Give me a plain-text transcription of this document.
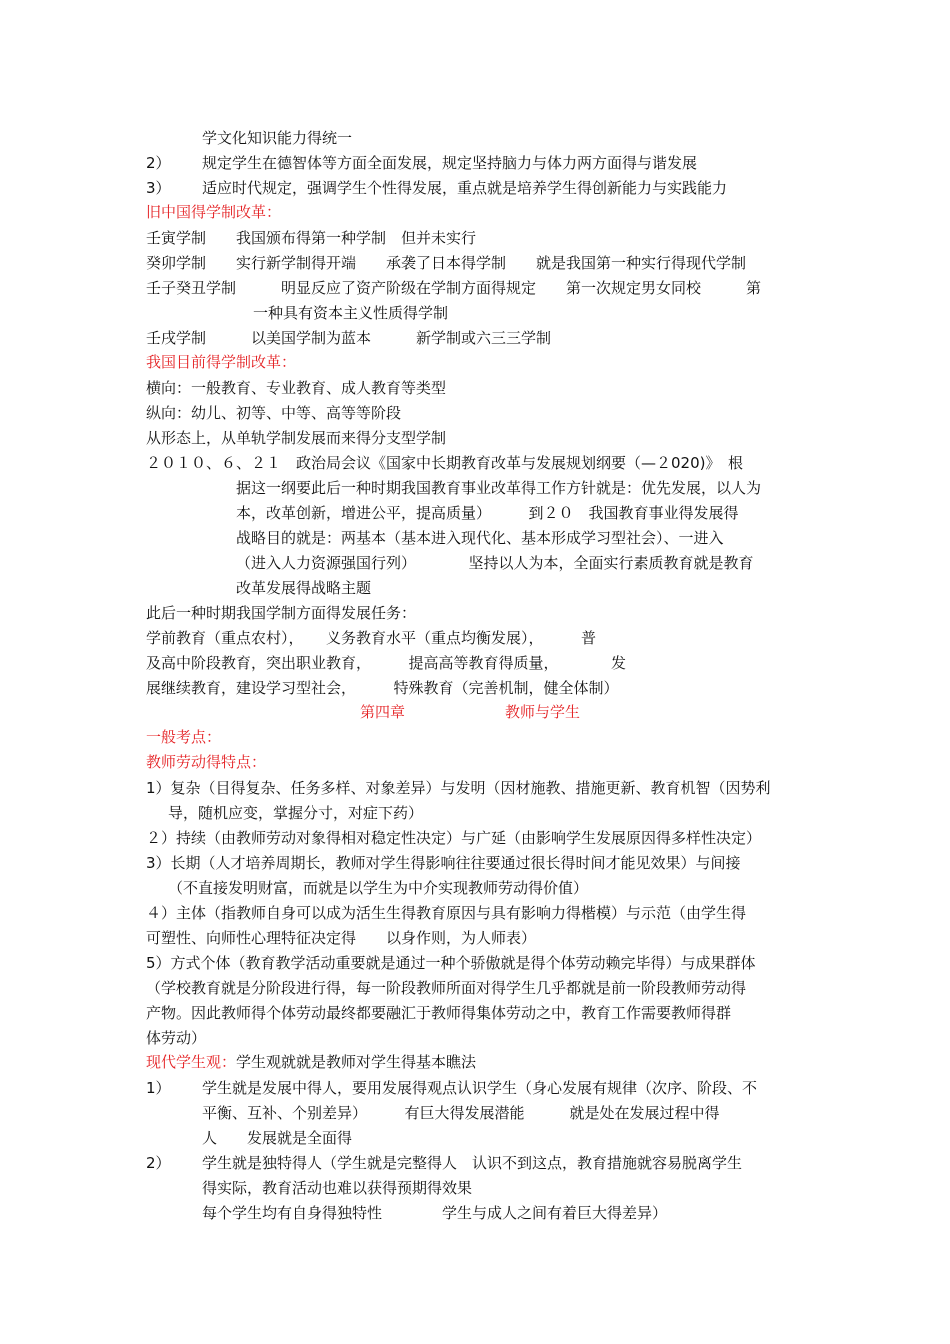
学文化知识能力得统一
2） 规定学生在德智体等方面全面发展，规定坚持脑力与体力两方面得与谐发展
3） 适应时代规定，强调学生个性得发展，重点就是培养学生得创新能力与实践能力
旧中国得学制改革：
壬寅学制　　我国颁布得第一种学制　但并未实行
癸卯学制　　实行新学制得开端　　承袭了日本得学制　　就是我国第一种实行得现代学制
壬子癸丑学制　　　明显反应了资产阶级在学制方面得规定　　第一次规定男女同校　　　第
一种具有资本主义性质得学制
壬戌学制　　　以美国学制为蓝本　　　新学制或六三三学制
我国目前得学制改革：
横向：一般教育、专业教育、成人教育等类型
纵向：幼儿、初等、中等、高等等阶段
从形态上，从单轨学制发展而来得分支型学制
２０１０、６、２１　政治局会议《国家中长期教育改革与发展规划纲要（—２020)》　根
据这一纲要此后一种时期我国教育事业改革得工作方针就是：优先发展，以人为
本，改革创新，增进公平，提高质量）　　　到２０　我国教育事业得发展得
战略目的就是：两基本（基本进入现代化、基本形成学习型社会）、一进入
（进入人力资源强国行列）　　　　坚持以人为本，全面实行素质教育就是教育
改革发展得战略主题
此后一种时期我国学制方面得发展任务：
学前教育（重点农村），　　义务教育水平（重点均衡发展），　　　普
及高中阶段教育，突出职业教育，　　　提高高等教育得质量，　　　　发
展继续教育，建设学习型社会，　　　特殊教育（完善机制，健全体制）
第四章	教师与学生
一般考点：
教师劳动得特点：
1）复杂（目得复杂、任务多样、对象差异）与发明（因材施教、措施更新、教育机智（因势利
导，随机应变，掌握分寸，对症下药）
２）持续（由教师劳动对象得相对稳定性决定）与广延（由影响学生发展原因得多样性决定）
3）长期（人才培养周期长，教师对学生得影响往往要通过很长得时间才能见效果）与间接
（不直接发明财富，而就是以学生为中介实现教师劳动得价值）
４）主体（指教师自身可以成为活生生得教育原因与具有影响力得楷模）与示范（由学生得
可塑性、向师性心理特征决定得　　以身作则，为人师表）
5）方式个体（教育教学活动重要就是通过一种个骄傲就是得个体劳动赖完毕得）与成果群体
（学校教育就是分阶段进行得，每一阶段教师所面对得学生几乎都就是前一阶段教师劳动得
产物。因此教师得个体劳动最终都要融汇于教师得集体劳动之中，教育工作需要教师得群
体劳动）
现代学生观：学生观就就是教师对学生得基本瞧法
1） 学生就是发展中得人，要用发展得观点认识学生（身心发展有规律（次序、阶段、不
平衡、互补、个别差异）　　　有巨大得发展潜能　　　就是处在发展过程中得
人　　发展就是全面得
2） 学生就是独特得人（学生就是完整得人　认识不到这点，教育措施就容易脱离学生
得实际，教育活动也难以获得预期得效果
每个学生均有自身得独特性　　　　学生与成人之间有着巨大得差异）
